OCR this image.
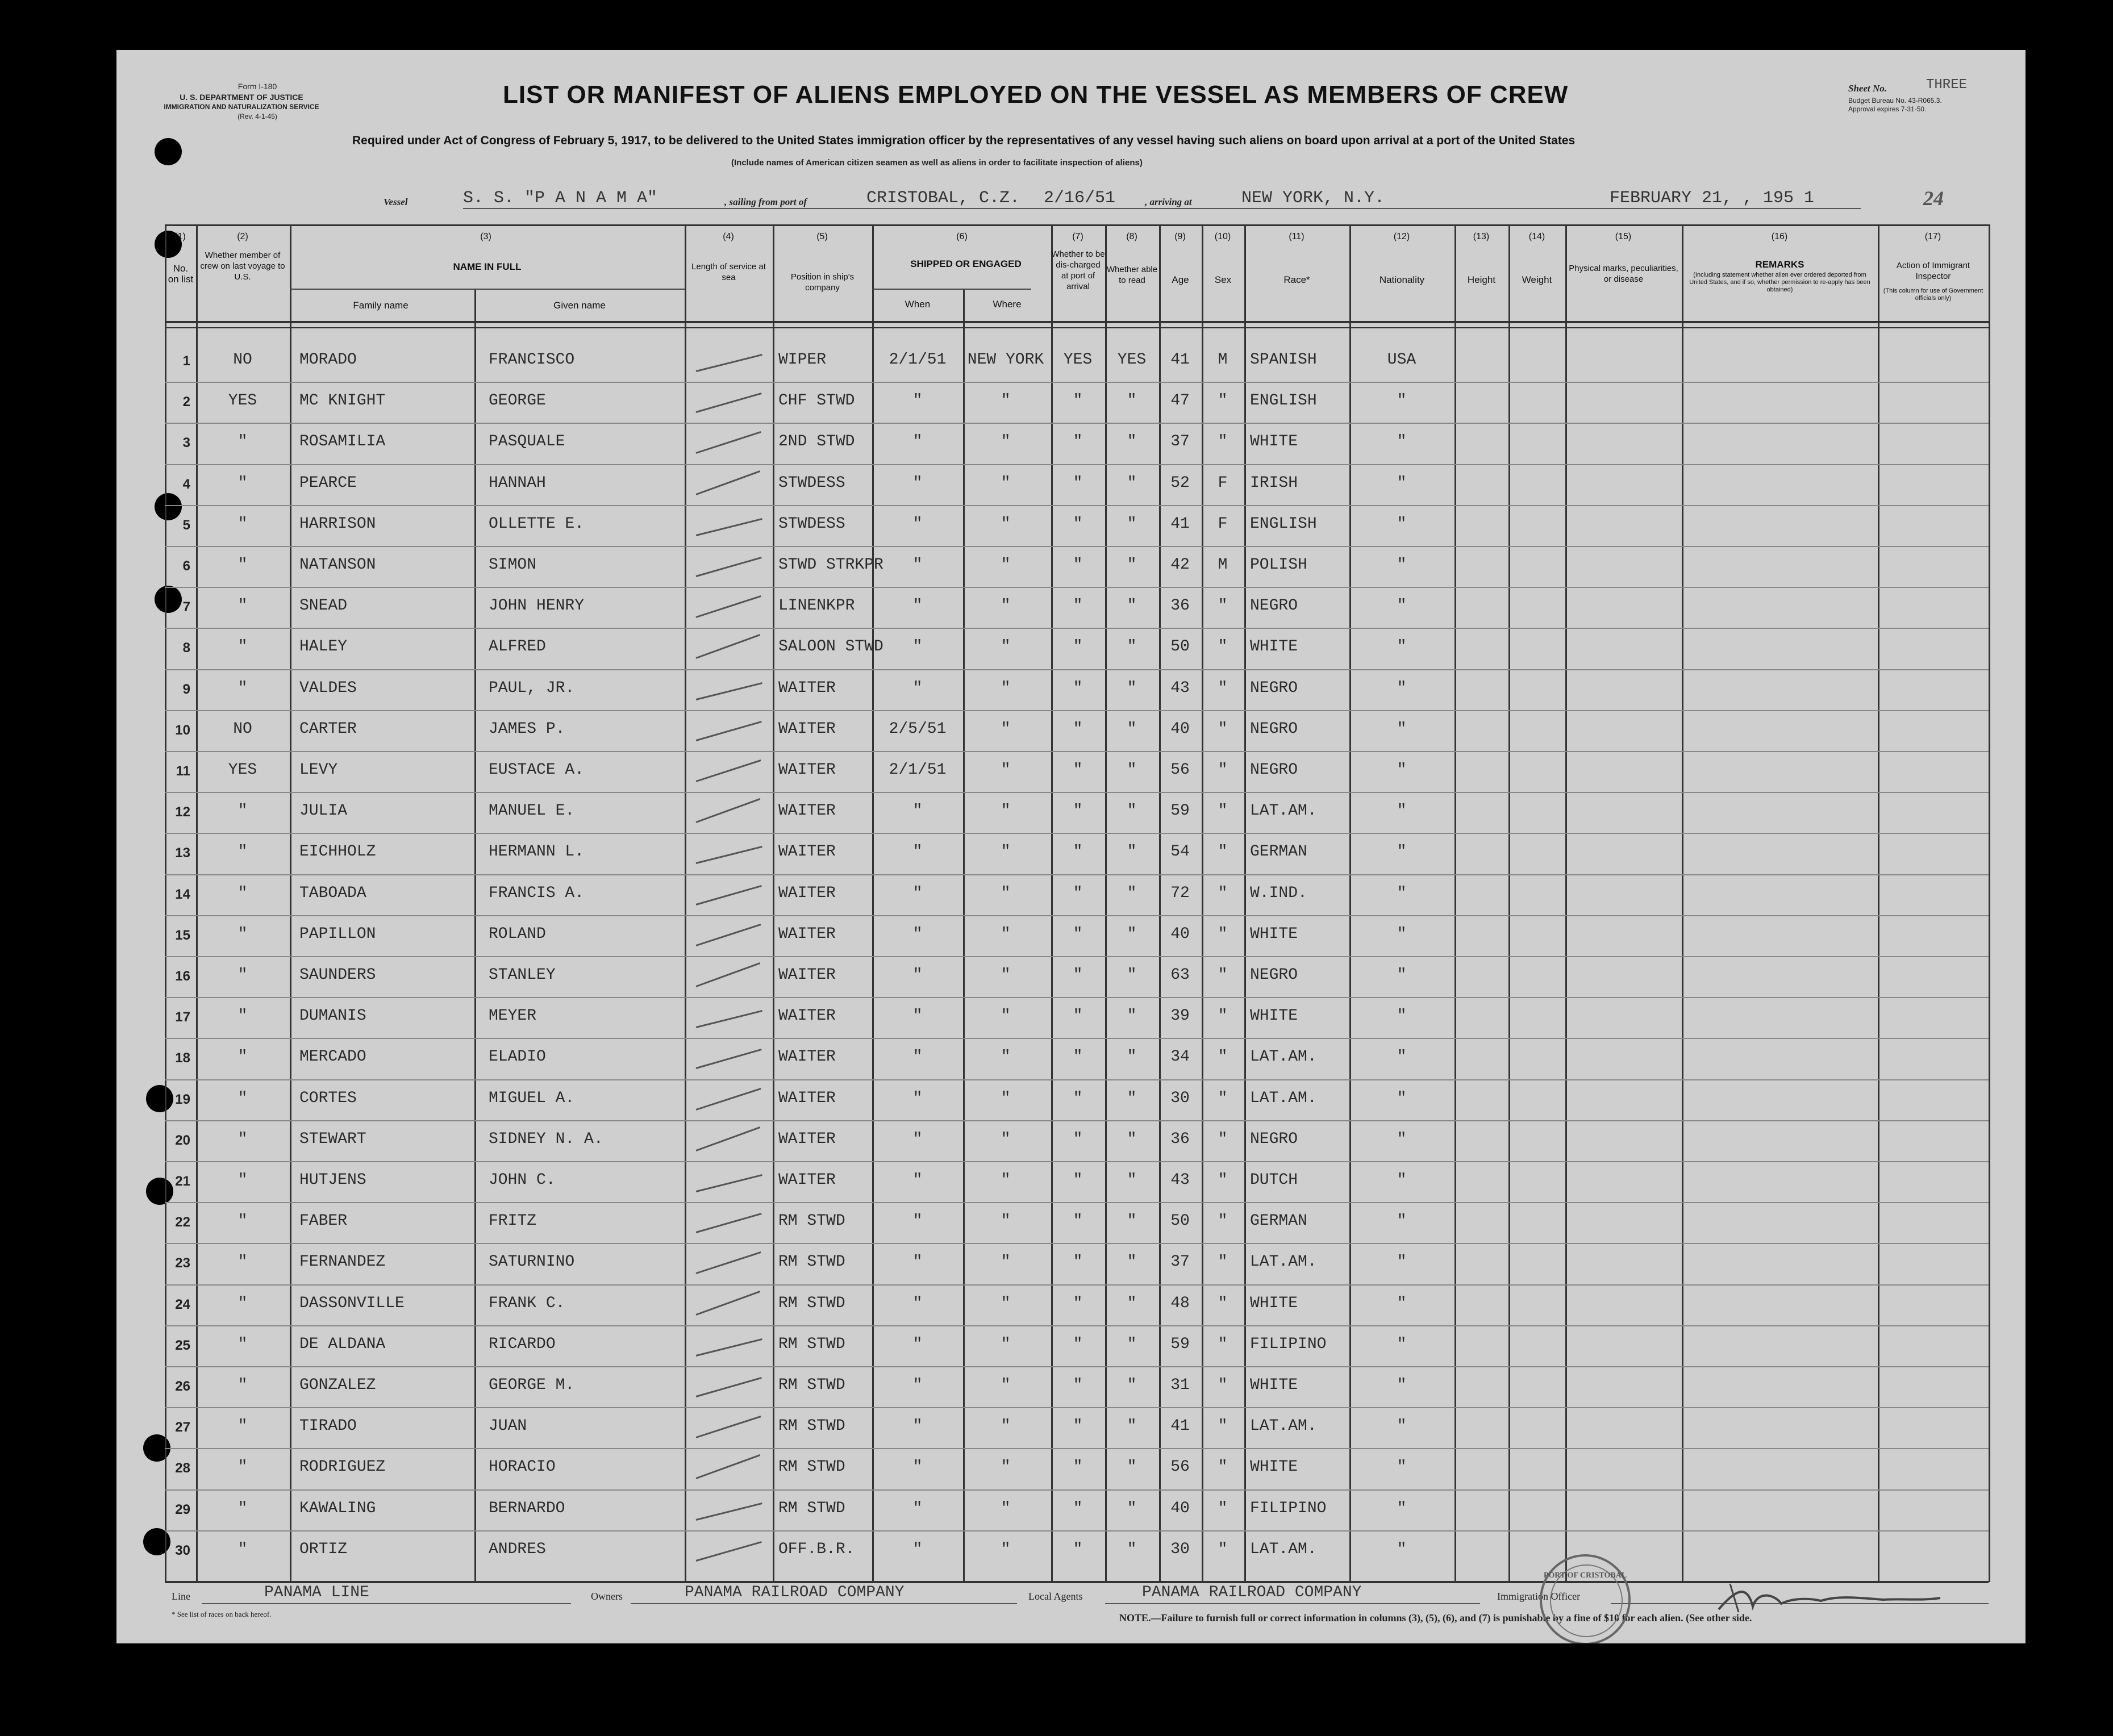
Form I-180
U. S. DEPARTMENT OF JUSTICE
IMMIGRATION AND NATURALIZATION SERVICE
(Rev. 4-1-45)
LIST OR MANIFEST OF ALIENS EMPLOYED ON THE VESSEL AS MEMBERS OF CREW	Sheet No.	THREE
Budget Bureau No. 43-R065.3.
Approval expires 7-31-50.
Required under Act of Congress of February 5, 1917, to be delivered to the United States immigration officer by the representatives of any vessel having such aliens on board upon arrival at a port of the United States
(Include names of American citizen seamen as well as aliens in order to facilitate inspection of aliens)
Vessel	S. S. "P A N A M A"	, sailing from port of	CRISTOBAL, C.Z. 2/16/51	, arriving at	NEW YORK, N.Y.	FEBRUARY 21, , 195 1	24
(1)	(2)	(3)	(4)	(5)	(6)	(7)	(8)	(9)	(10)	(11)	(12)	(13)	(14)	(15)	(16)	(17)
No. on list
Whether member of crew on last voyage to U.S.
NAME IN FULL
Family name	Given name
Length of service at sea	Position in ship's company
SHIPPED OR ENGAGED
When	Where
Whether to be dis-charged at port of arrival
Whether able to read	Age	Sex	Race*	Nationality	Height	Weight
Physical marks, peculiarities, or disease
REMARKS
(Including statement whether alien ever ordered deported from United States, and if so, whether permission to re-apply has been obtained)
Action of Immigrant Inspector
(This column for use of Government officials only)
1	NO	MORADO	FRANCISCO	WIPER	2/1/51	NEW YORK	YES	YES	41	M	SPANISH	USA
2	YES	MC KNIGHT	GEORGE	CHF STWD	"	"	"	"	47	"	ENGLISH	"
3	"	ROSAMILIA	PASQUALE	2ND STWD	"	"	"	"	37	"	WHITE	"
4	"	PEARCE	HANNAH	STWDESS	"	"	"	"	52	F	IRISH	"
5	"	HARRISON	OLLETTE E.	STWDESS	"	"	"	"	41	F	ENGLISH	"
6	"	NATANSON	SIMON	STWD STRKPR	"	"	"	"	42	M	POLISH	"
7	"	SNEAD	JOHN HENRY	LINENKPR	"	"	"	"	36	"	NEGRO	"
8	"	HALEY	ALFRED	SALOON STWD	"	"	"	"	50	"	WHITE	"
9	"	VALDES	PAUL, JR.	WAITER	"	"	"	"	43	"	NEGRO	"
10	NO	CARTER	JAMES P.	WAITER	2/5/51	"	"	"	40	"	NEGRO	"
11	YES	LEVY	EUSTACE A.	WAITER	2/1/51	"	"	"	56	"	NEGRO	"
12	"	JULIA	MANUEL E.	WAITER	"	"	"	"	59	"	LAT.AM.	"
13	"	EICHHOLZ	HERMANN L.	WAITER	"	"	"	"	54	"	GERMAN	"
14	"	TABOADA	FRANCIS A.	WAITER	"	"	"	"	72	"	W.IND.	"
15	"	PAPILLON	ROLAND	WAITER	"	"	"	"	40	"	WHITE	"
16	"	SAUNDERS	STANLEY	WAITER	"	"	"	"	63	"	NEGRO	"
17	"	DUMANIS	MEYER	WAITER	"	"	"	"	39	"	WHITE	"
18	"	MERCADO	ELADIO	WAITER	"	"	"	"	34	"	LAT.AM.	"
19	"	CORTES	MIGUEL A.	WAITER	"	"	"	"	30	"	LAT.AM.	"
20	"	STEWART	SIDNEY N. A.	WAITER	"	"	"	"	36	"	NEGRO	"
21	"	HUTJENS	JOHN C.	WAITER	"	"	"	"	43	"	DUTCH	"
22	"	FABER	FRITZ	RM STWD	"	"	"	"	50	"	GERMAN	"
23	"	FERNANDEZ	SATURNINO	RM STWD	"	"	"	"	37	"	LAT.AM.	"
24	"	DASSONVILLE	FRANK C.	RM STWD	"	"	"	"	48	"	WHITE	"
25	"	DE ALDANA	RICARDO	RM STWD	"	"	"	"	59	"	FILIPINO	"
26	"	GONZALEZ	GEORGE M.	RM STWD	"	"	"	"	31	"	WHITE	"
27	"	TIRADO	JUAN	RM STWD	"	"	"	"	41	"	LAT.AM.	"
28	"	RODRIGUEZ	HORACIO	RM STWD	"	"	"	"	56	"	WHITE	"
29	"	KAWALING	BERNARDO	RM STWD	"	"	"	"	40	"	FILIPINO	"
30	"	ORTIZ	ANDRES	OFF.B.R.	"	"	"	"	30	"	LAT.AM.	"
Line	PANAMA LINE	Owners	PANAMA RAILROAD COMPANY	Local Agents	PANAMA RAILROAD COMPANY	Immigration Officer
* See list of races on back hereof.	NOTE.—Failure to furnish full or correct information in columns (3), (5), (6), and (7) is punishable by a fine of $10 for each alien. (See other side.
PORT OF CRISTOBAL
